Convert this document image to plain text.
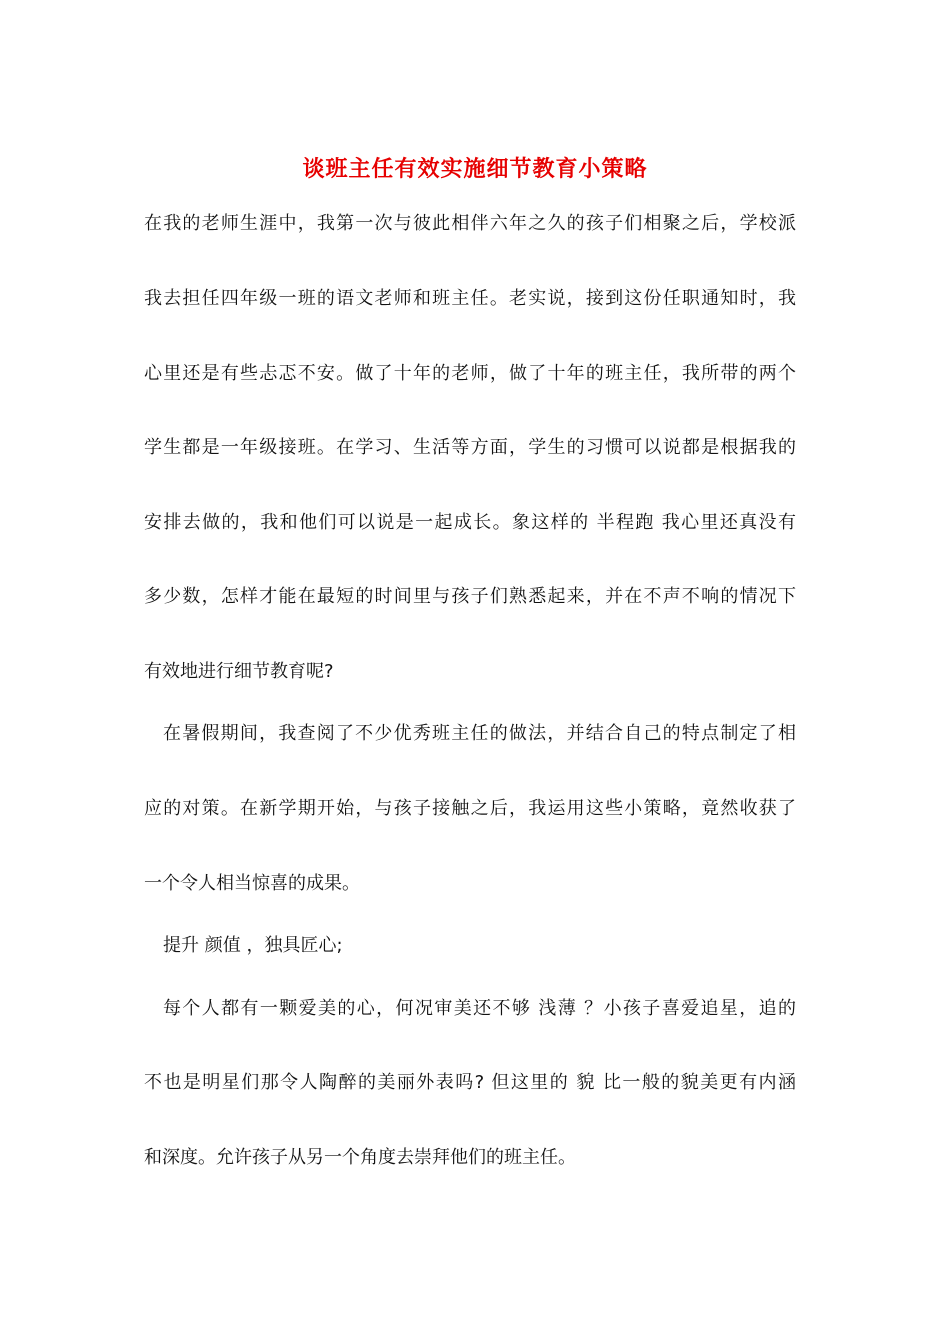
谈班主任有效实施细节教育小策略
在我的老师生涯中，我第一次与彼此相伴六年之久的孩子们相聚之后，学校派
我去担任四年级一班的语文老师和班主任。老实说，接到这份任职通知时，我
心里还是有些忐忑不安。做了十年的老师，做了十年的班主任，我所带的两个
学生都是一年级接班。在学习、生活等方面，学生的习惯可以说都是根据我的
安排去做的，我和他们可以说是一起成长。象这样的 半程跑 我心里还真没有
多少数，怎样才能在最短的时间里与孩子们熟悉起来，并在不声不响的情况下
有效地进行细节教育呢?
在暑假期间，我查阅了不少优秀班主任的做法，并结合自己的特点制定了相
应的对策。在新学期开始，与孩子接触之后，我运用这些小策略，竟然收获了
一个令人相当惊喜的成果。
提升 颜值 ，独具匠心;
每个人都有一颗爱美的心，何况审美还不够 浅薄 ？小孩子喜爱追星，追的
不也是明星们那令人陶醉的美丽外表吗? 但这里的 貌 比一般的貌美更有内涵
和深度。允许孩子从另一个角度去崇拜他们的班主任。
